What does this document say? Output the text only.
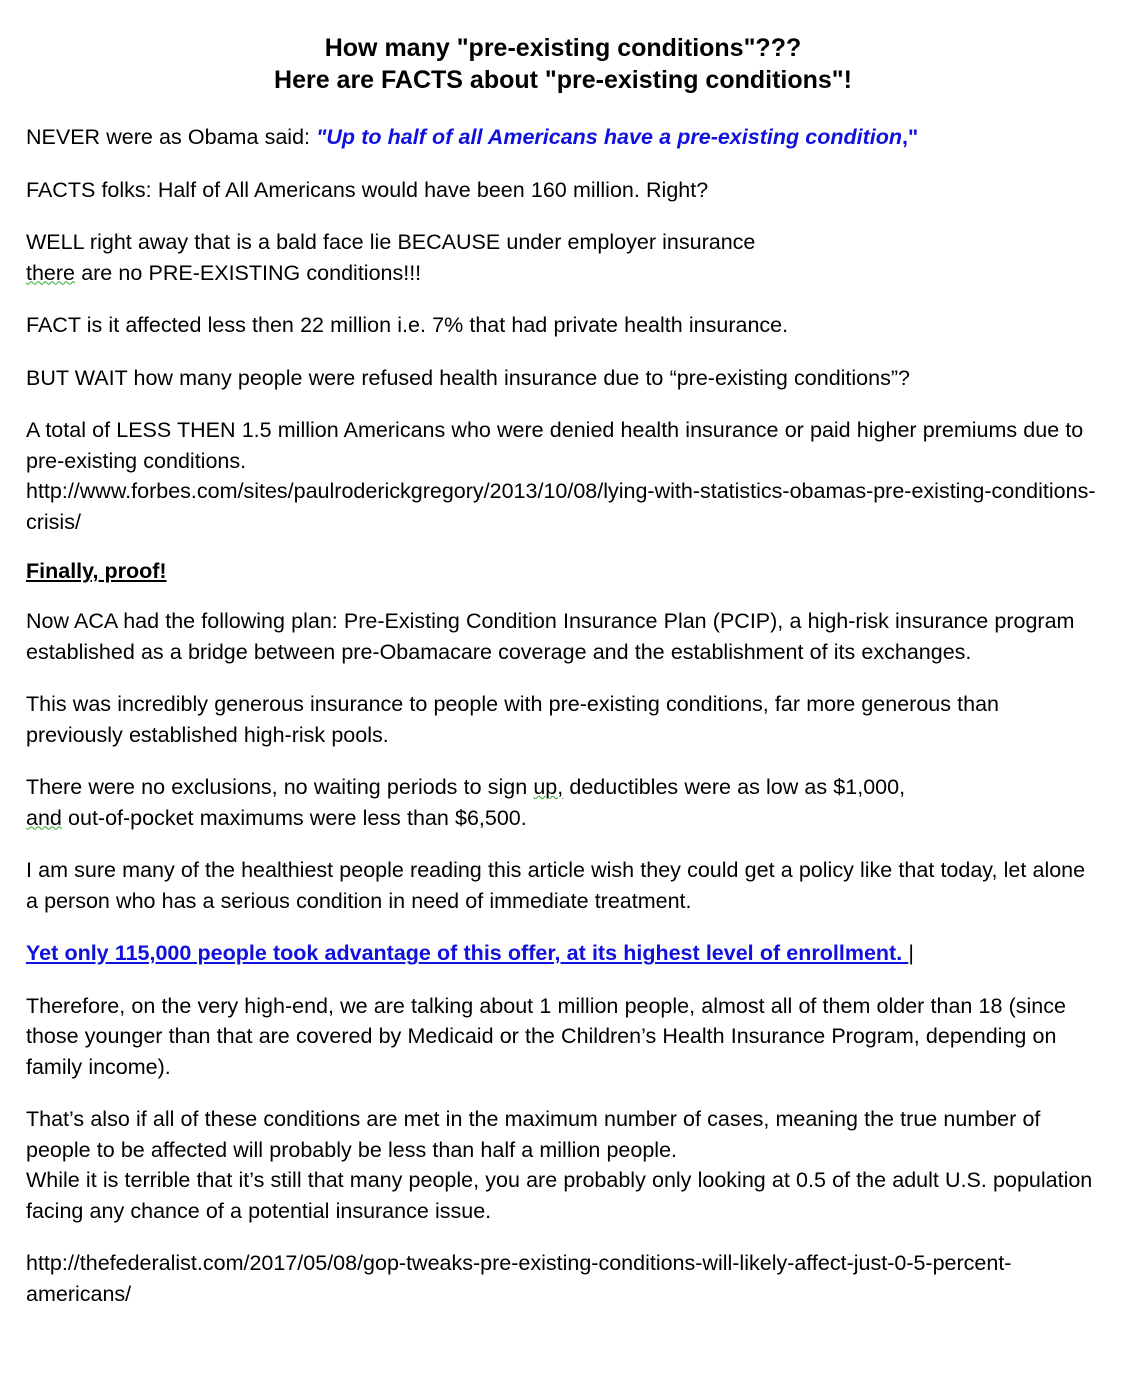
How many "pre-existing conditions"???
Here are FACTS about "pre-existing conditions"!

NEVER were as Obama said: "Up to half of all Americans have a pre-existing condition,"

FACTS folks: Half of All Americans would have been 160 million. Right?

WELL right away that is a bald face lie BECAUSE under employer insurance
there are no PRE-EXISTING conditions!!!

FACT is it affected less then 22 million i.e. 7% that had private health insurance.

BUT WAIT how many people were refused health insurance due to “pre-existing conditions”?

A total of LESS THEN 1.5 million Americans who were denied health insurance or paid higher premiums due to pre-existing conditions.

http://www.forbes.com/sites/paulroderickgregory/2013/10/08/lying-with-statistics-obamas-pre-existing-conditions-crisis/

Finally, proof!

Now ACA had the following plan: Pre-Existing Condition Insurance Plan (PCIP), a high-risk insurance program established as a bridge between pre-Obamacare coverage and the establishment of its exchanges.

This was incredibly generous insurance to people with pre-existing conditions, far more generous than previously established high-risk pools.

There were no exclusions, no waiting periods to sign up, deductibles were as low as $1,000,
and out-of-pocket maximums were less than $6,500.

I am sure many of the healthiest people reading this article wish they could get a policy like that today, let alone a person who has a serious condition in need of immediate treatment.

Yet only 115,000 people took advantage of this offer, at its highest level of enrollment. |

Therefore, on the very high-end, we are talking about 1 million people, almost all of them older than 18 (since those younger than that are covered by Medicaid or the Children’s Health Insurance Program, depending on family income).

That’s also if all of these conditions are met in the maximum number of cases, meaning the true number of people to be affected will probably be less than half a million people.

While it is terrible that it’s still that many people, you are probably only looking at 0.5 of the adult U.S. population facing any chance of a potential insurance issue.

http://thefederalist.com/2017/05/08/gop-tweaks-pre-existing-conditions-will-likely-affect-just-0-5-percent-americans/
